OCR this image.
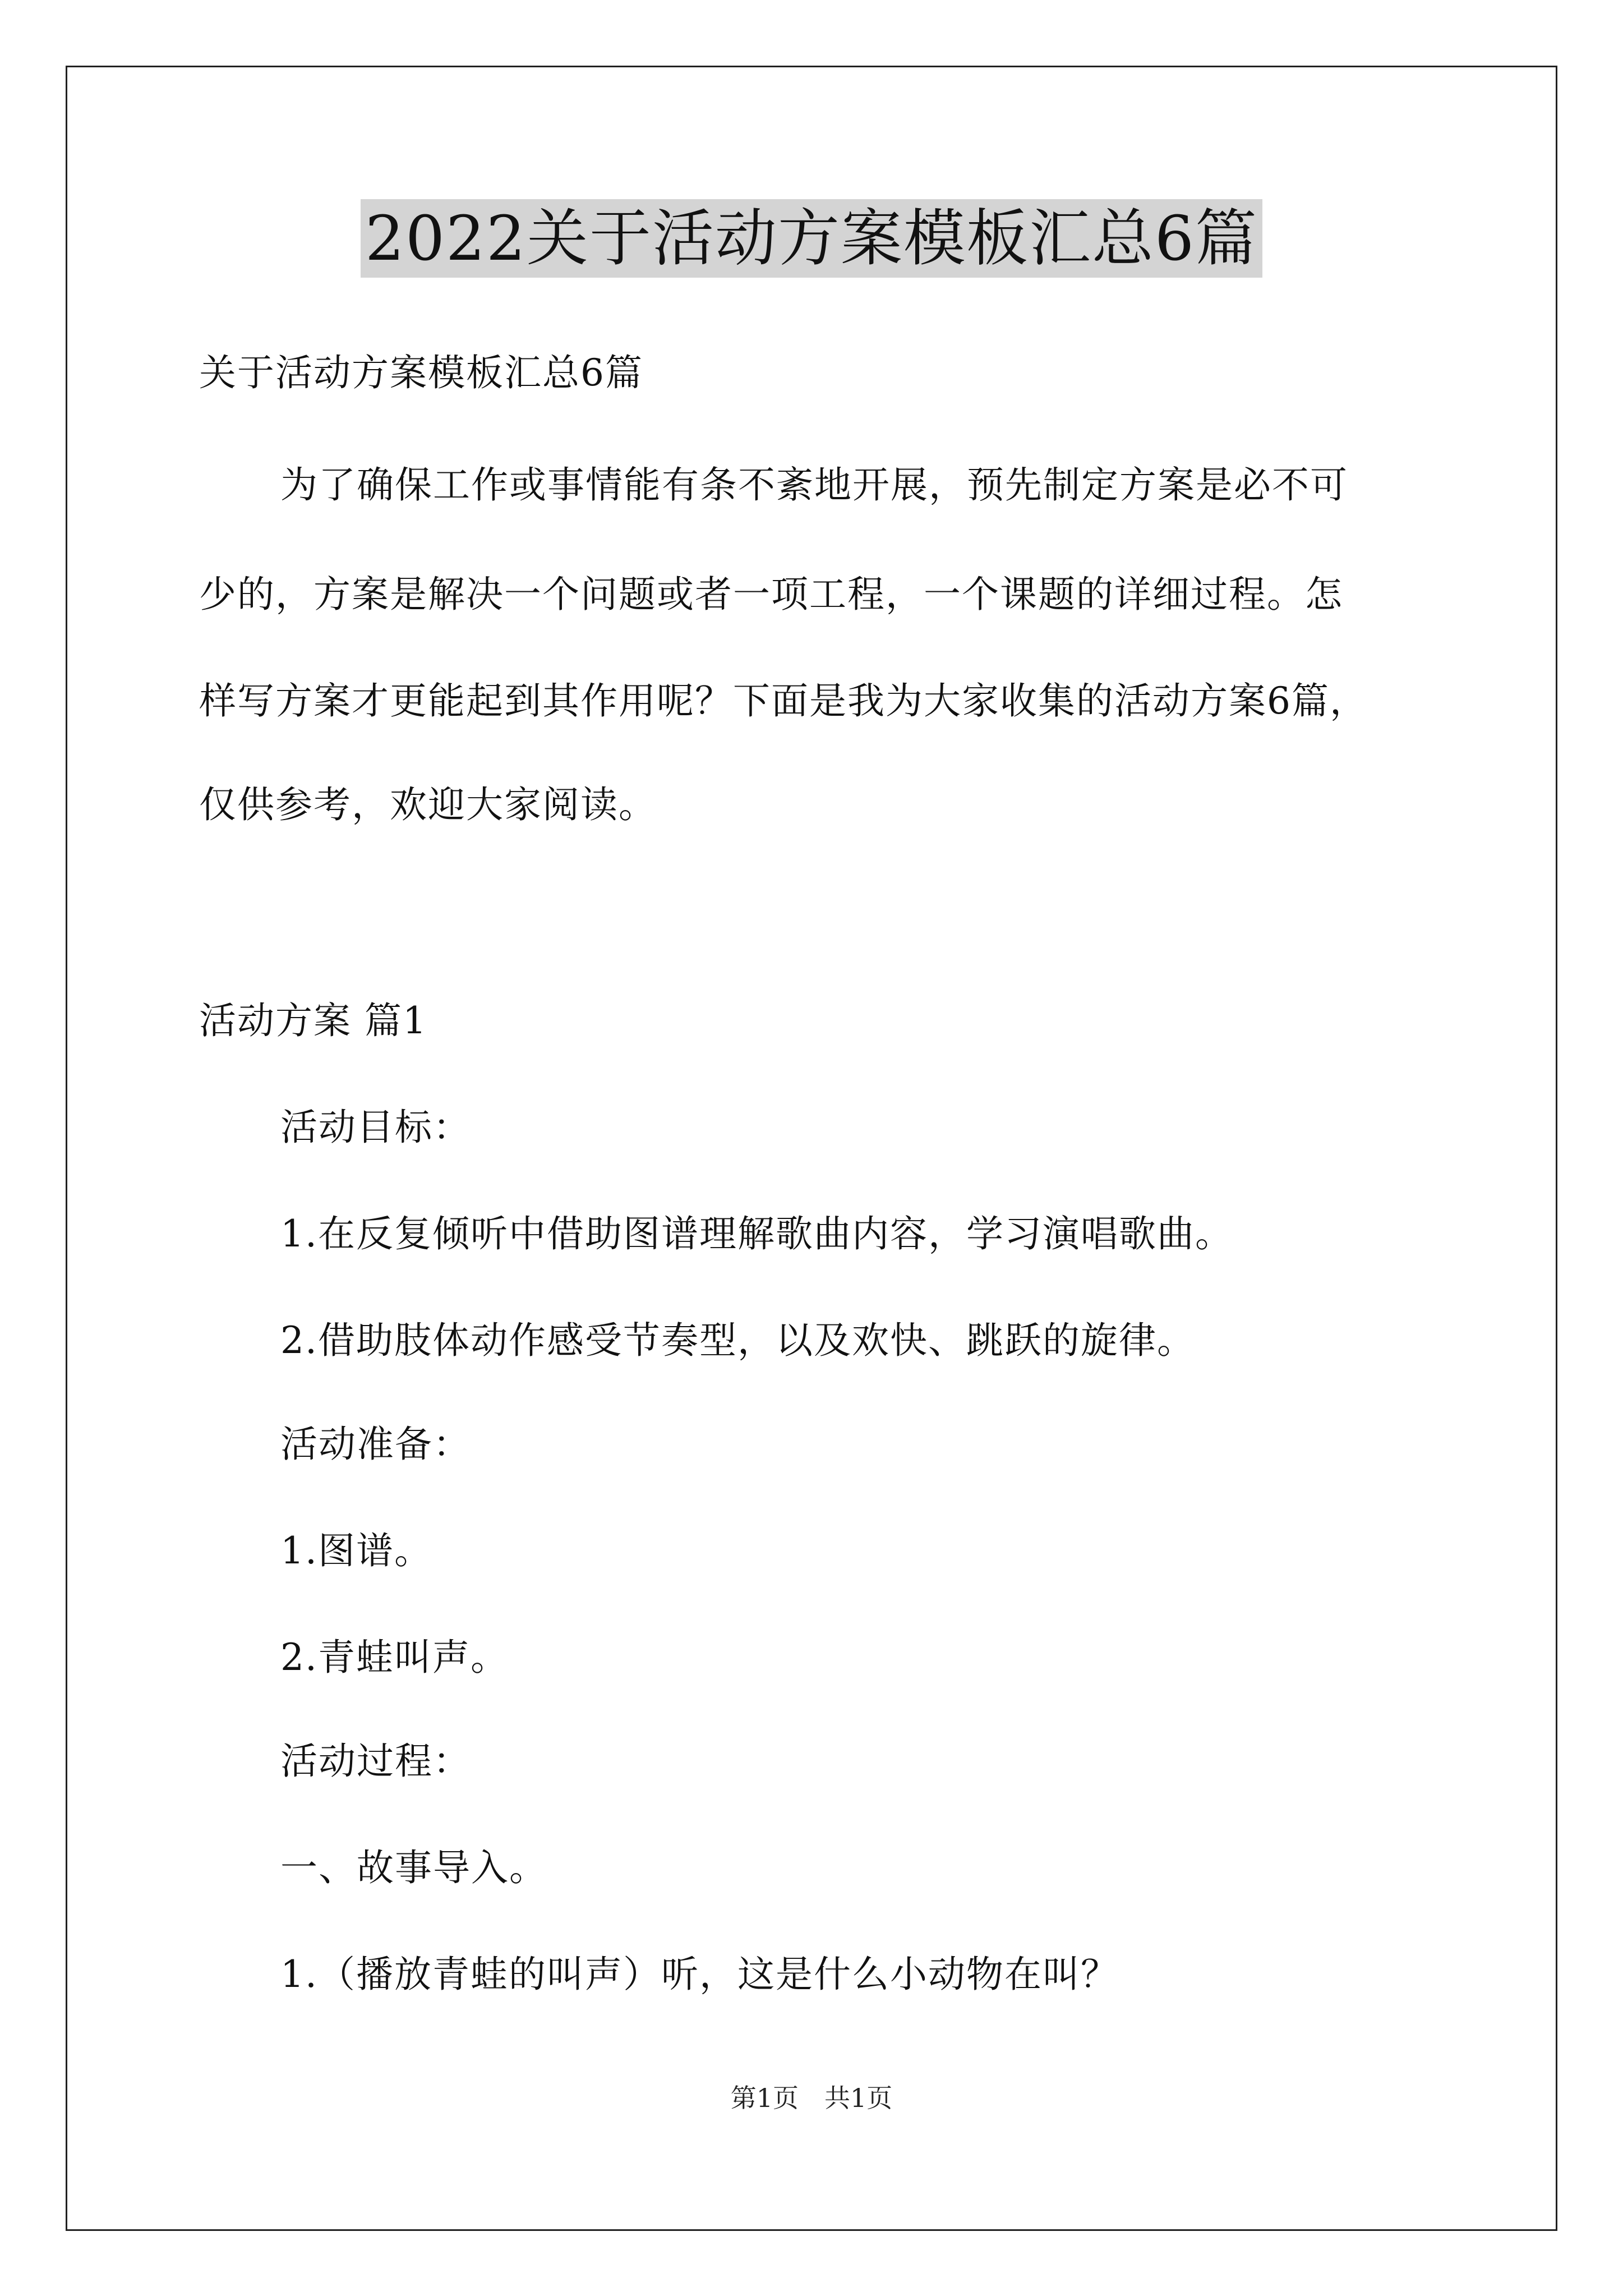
2022关于活动方案模板汇总6篇

关于活动方案模板汇总6篇

为了确保工作或事情能有条不紊地开展，预先制定方案是必不可

少的，方案是解决一个问题或者一项工程，一个课题的详细过程。怎

样写方案才更能起到其作用呢？下面是我为大家收集的活动方案6篇，

仅供参考，欢迎大家阅读。

活动方案 篇1

活动目标：

1.在反复倾听中借助图谱理解歌曲内容，学习演唱歌曲。

2.借助肢体动作感受节奏型，以及欢快、跳跃的旋律。

活动准备：

1.图谱。

2.青蛙叫声。

活动过程：

一、故事导入。

1.（播放青蛙的叫声）听，这是什么小动物在叫？

第1页　共1页
